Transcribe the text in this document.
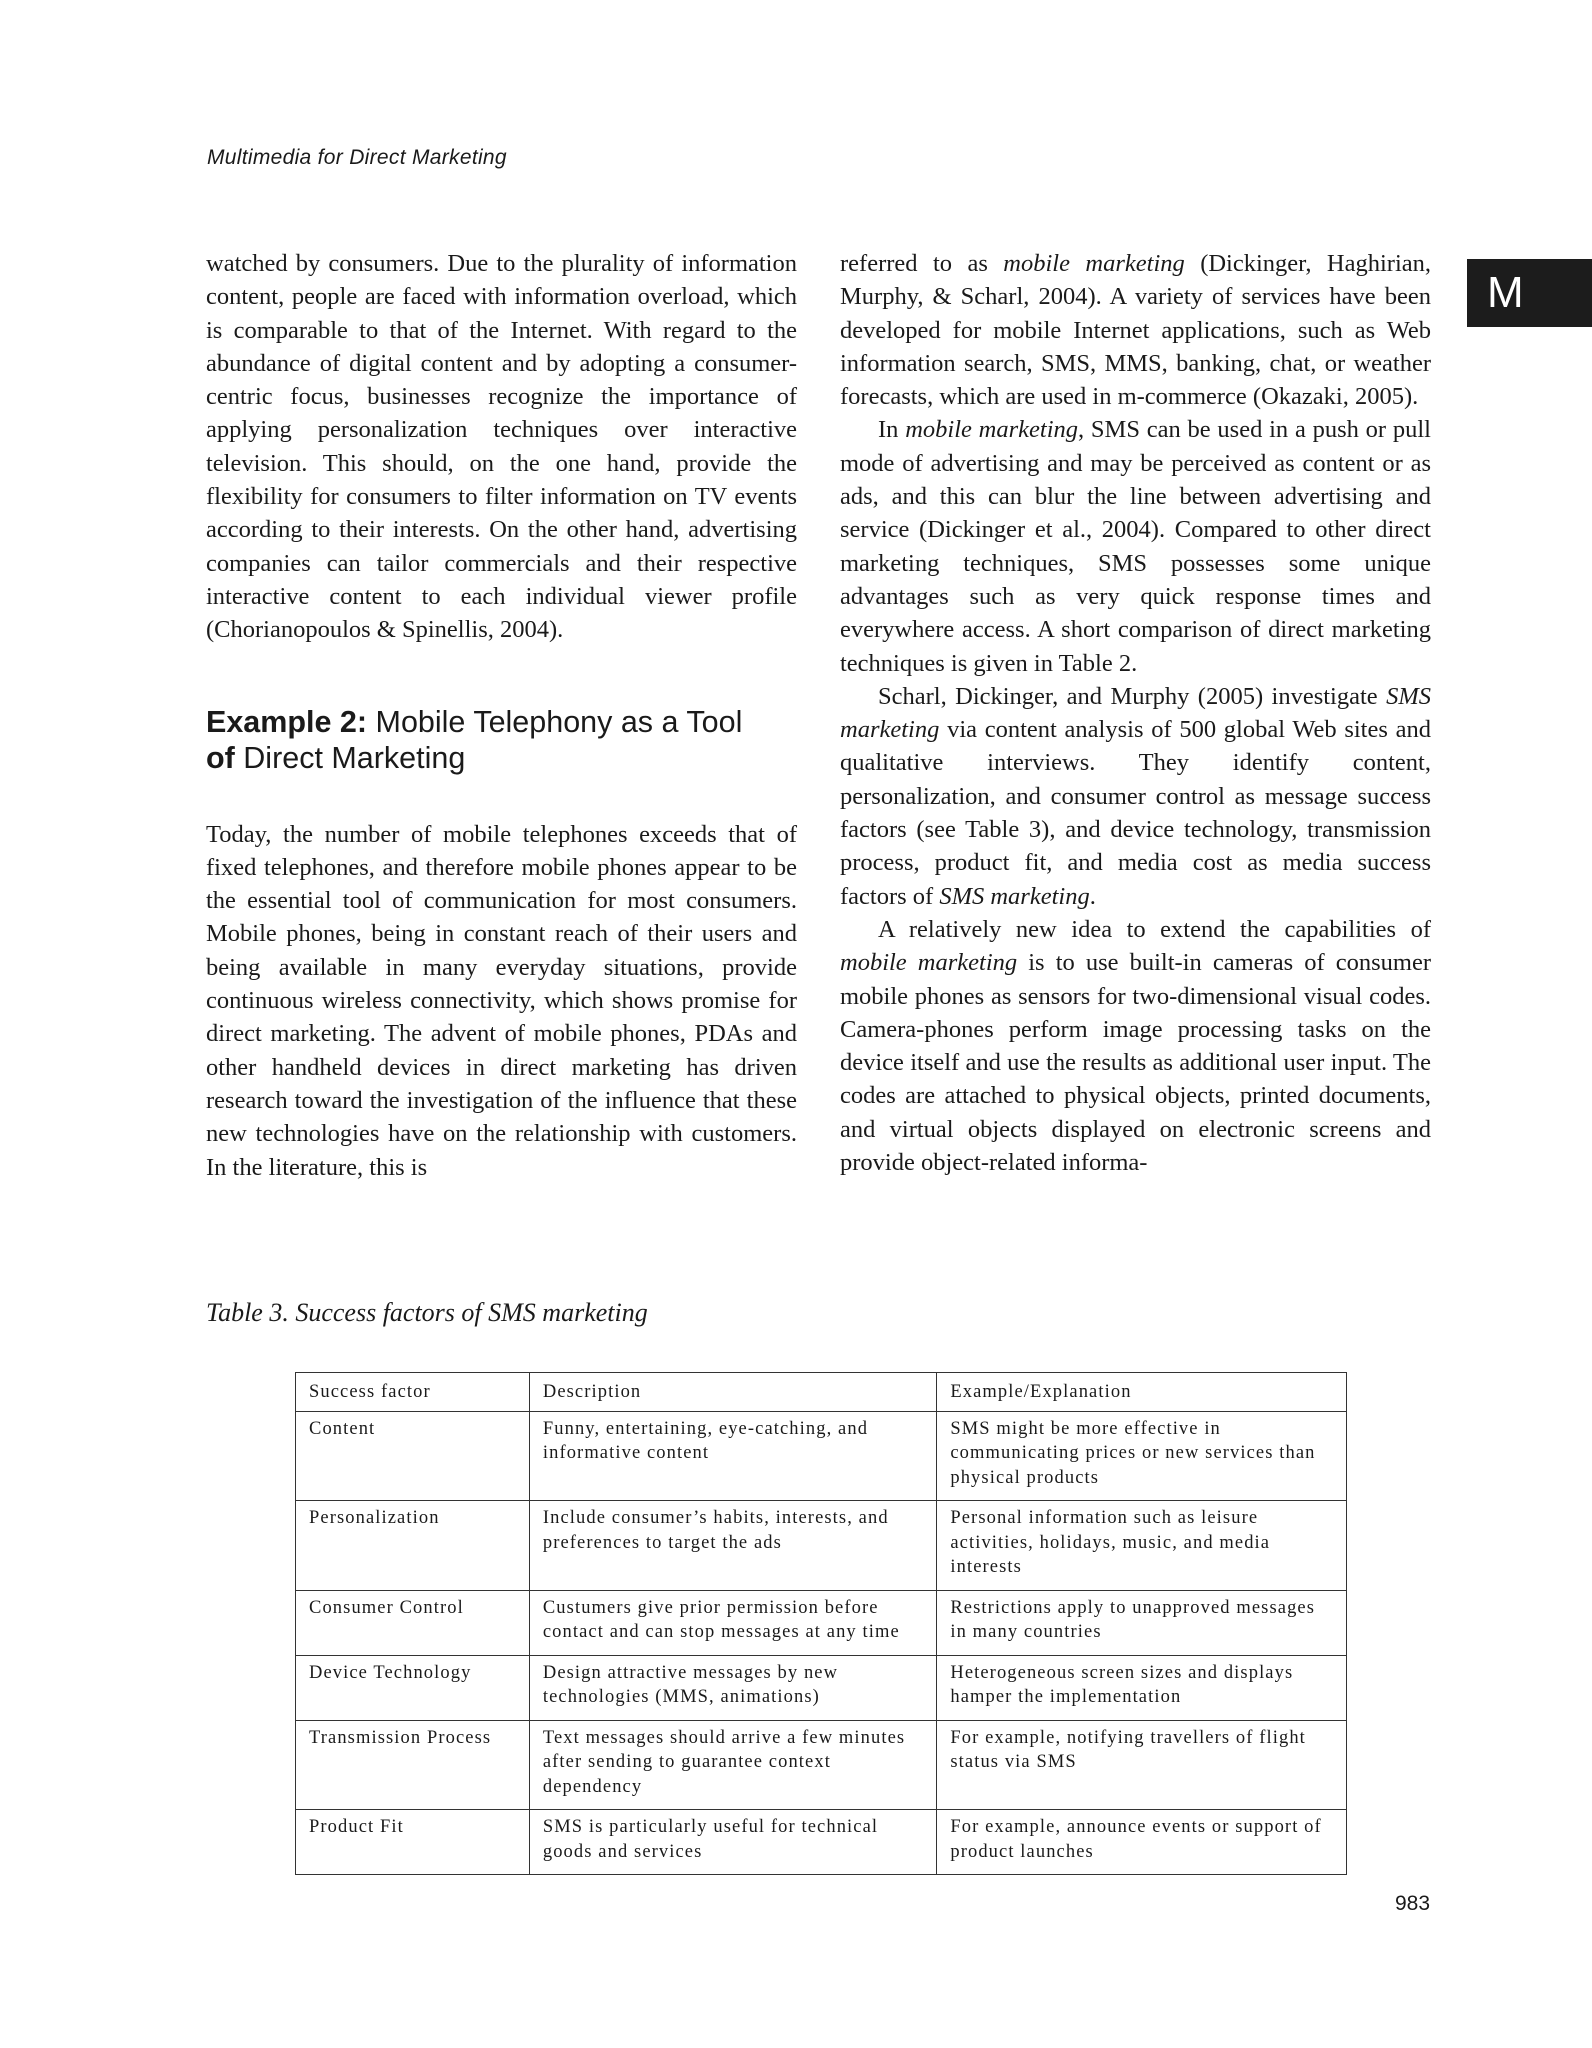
Multimedia for Direct Marketing
M

watched by consumers. Due to the plurality of information content, people are faced with information overload, which is comparable to that of the Internet. With regard to the abundance of digital content and by adopting a consumer-centric focus, businesses recognize the importance of applying personalization techniques over interactive television. This should, on the one hand, provide the flexibility for consumers to filter information on TV events according to their interests. On the other hand, advertising companies can tailor commercials and their respective interactive content to each individual viewer profile (Chorianopoulos & Spinellis, 2004).

Example 2: Mobile Telephony as a Tool
of Direct Marketing

Today, the number of mobile telephones exceeds that of fixed telephones, and therefore mobile phones appear to be the essential tool of communication for most consumers. Mobile phones, being in constant reach of their users and being available in many everyday situations, provide continuous wireless connectivity, which shows promise for direct marketing. The advent of mobile phones, PDAs and other handheld devices in direct marketing has driven research toward the investigation of the influence that these new technologies have on the relationship with customers. In the literature, this is

referred to as mobile marketing (Dickinger, Haghirian, Murphy, & Scharl, 2004). A variety of services have been developed for mobile Internet applications, such as Web information search, SMS, MMS, banking, chat, or weather forecasts, which are used in m-commerce (Okazaki, 2005).

In mobile marketing, SMS can be used in a push or pull mode of advertising and may be perceived as content or as ads, and this can blur the line between advertising and service (Dickinger et al., 2004). Compared to other direct marketing techniques, SMS possesses some unique advantages such as very quick response times and everywhere access. A short comparison of direct marketing techniques is given in Table 2.

Scharl, Dickinger, and Murphy (2005) investigate SMS marketing via content analysis of 500 global Web sites and qualitative interviews. They identify content, personalization, and consumer control as message success factors (see Table 3), and device technology, transmission process, product fit, and media cost as media success factors of SMS marketing.

A relatively new idea to extend the capabilities of mobile marketing is to use built-in cameras of consumer mobile phones as sensors for two-dimensional visual codes. Camera-phones perform image processing tasks on the device itself and use the results as additional user input. The codes are attached to physical objects, printed documents, and virtual objects displayed on electronic screens and provide object-related informa-

Table 3. Success factors of SMS marketing
Success factor	Description	Example/Explanation
Content	Funny, entertaining, eye-catching, and informative content	SMS might be more effective in communicating prices or new services than physical products
Personalization	Include consumer’s habits, interests, and preferences to target the ads	Personal information such as leisure activities, holidays, music, and media interests
Consumer Control	Custumers give prior permission before contact and can stop messages at any time	Restrictions apply to unapproved messages in many countries
Device Technology	Design attractive messages by new technologies (MMS, animations)	Heterogeneous screen sizes and displays hamper the implementation
Transmission Process	Text messages should arrive a few minutes after sending to guarantee context dependency	For example, notifying travellers of flight status via SMS
Product Fit	SMS is particularly useful for technical goods and services	For example, announce events or support of product launches
983
